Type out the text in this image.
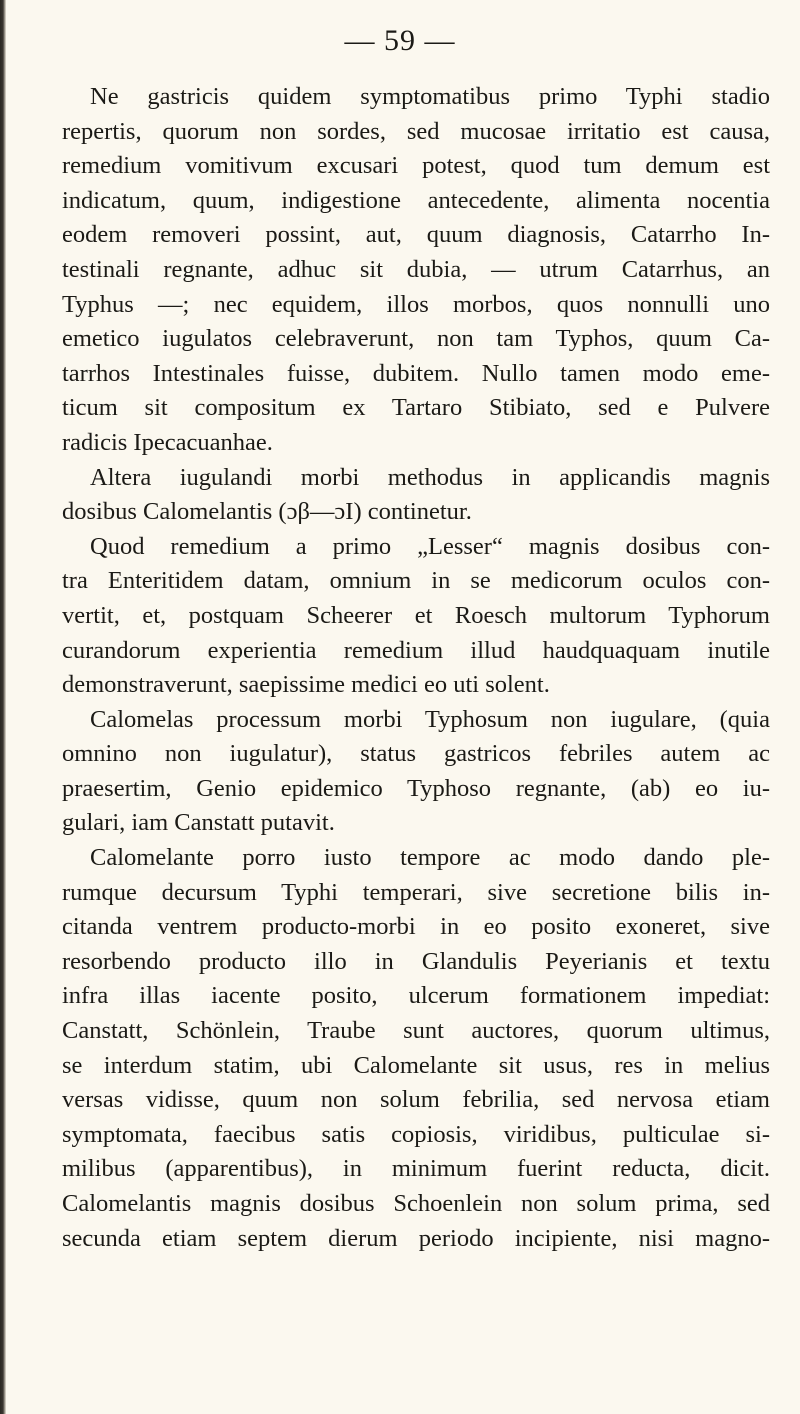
— 59 —
Ne gastricis quidem symptomatibus primo Typhi stadio
repertis, quorum non sordes, sed mucosae irritatio est causa,
remedium vomitivum excusari potest, quod tum demum est
indicatum, quum, indigestione antecedente, alimenta nocentia
eodem removeri possint, aut, quum diagnosis, Catarrho In-
testinali regnante, adhuc sit dubia, — utrum Catarrhus, an
Typhus —; nec equidem, illos morbos, quos nonnulli uno
emetico iugulatos celebraverunt, non tam Typhos, quum Ca-
tarrhos Intestinales fuisse, dubitem. Nullo tamen modo eme-
ticum sit compositum ex Tartaro Stibiato, sed e Pulvere
radicis Ipecacuanhae.
Altera iugulandi morbi methodus in applicandis magnis
dosibus Calomelantis (ɔβ—ɔI) continetur.
Quod remedium a primo „Lesser“ magnis dosibus con-
tra Enteritidem datam, omnium in se medicorum oculos con-
vertit, et, postquam Scheerer et Roesch multorum Typhorum
curandorum experientia remedium illud haudquaquam inutile
demonstraverunt, saepissime medici eo uti solent.
Calomelas processum morbi Typhosum non iugulare, (quia
omnino non iugulatur), status gastricos febriles autem ac
praesertim, Genio epidemico Typhoso regnante, (ab) eo iu-
gulari, iam Canstatt putavit.
Calomelante porro iusto tempore ac modo dando ple-
rumque decursum Typhi temperari, sive secretione bilis in-
citanda ventrem producto-morbi in eo posito exoneret, sive
resorbendo producto illo in Glandulis Peyerianis et textu
infra illas iacente posito, ulcerum formationem impediat:
Canstatt, Schönlein, Traube sunt auctores, quorum ultimus,
se interdum statim, ubi Calomelante sit usus, res in melius
versas vidisse, quum non solum febrilia, sed nervosa etiam
symptomata, faecibus satis copiosis, viridibus, pulticulae si-
milibus (apparentibus), in minimum fuerint reducta, dicit.
Calomelantis magnis dosibus Schoenlein non solum prima, sed
secunda etiam septem dierum periodo incipiente, nisi magno-
